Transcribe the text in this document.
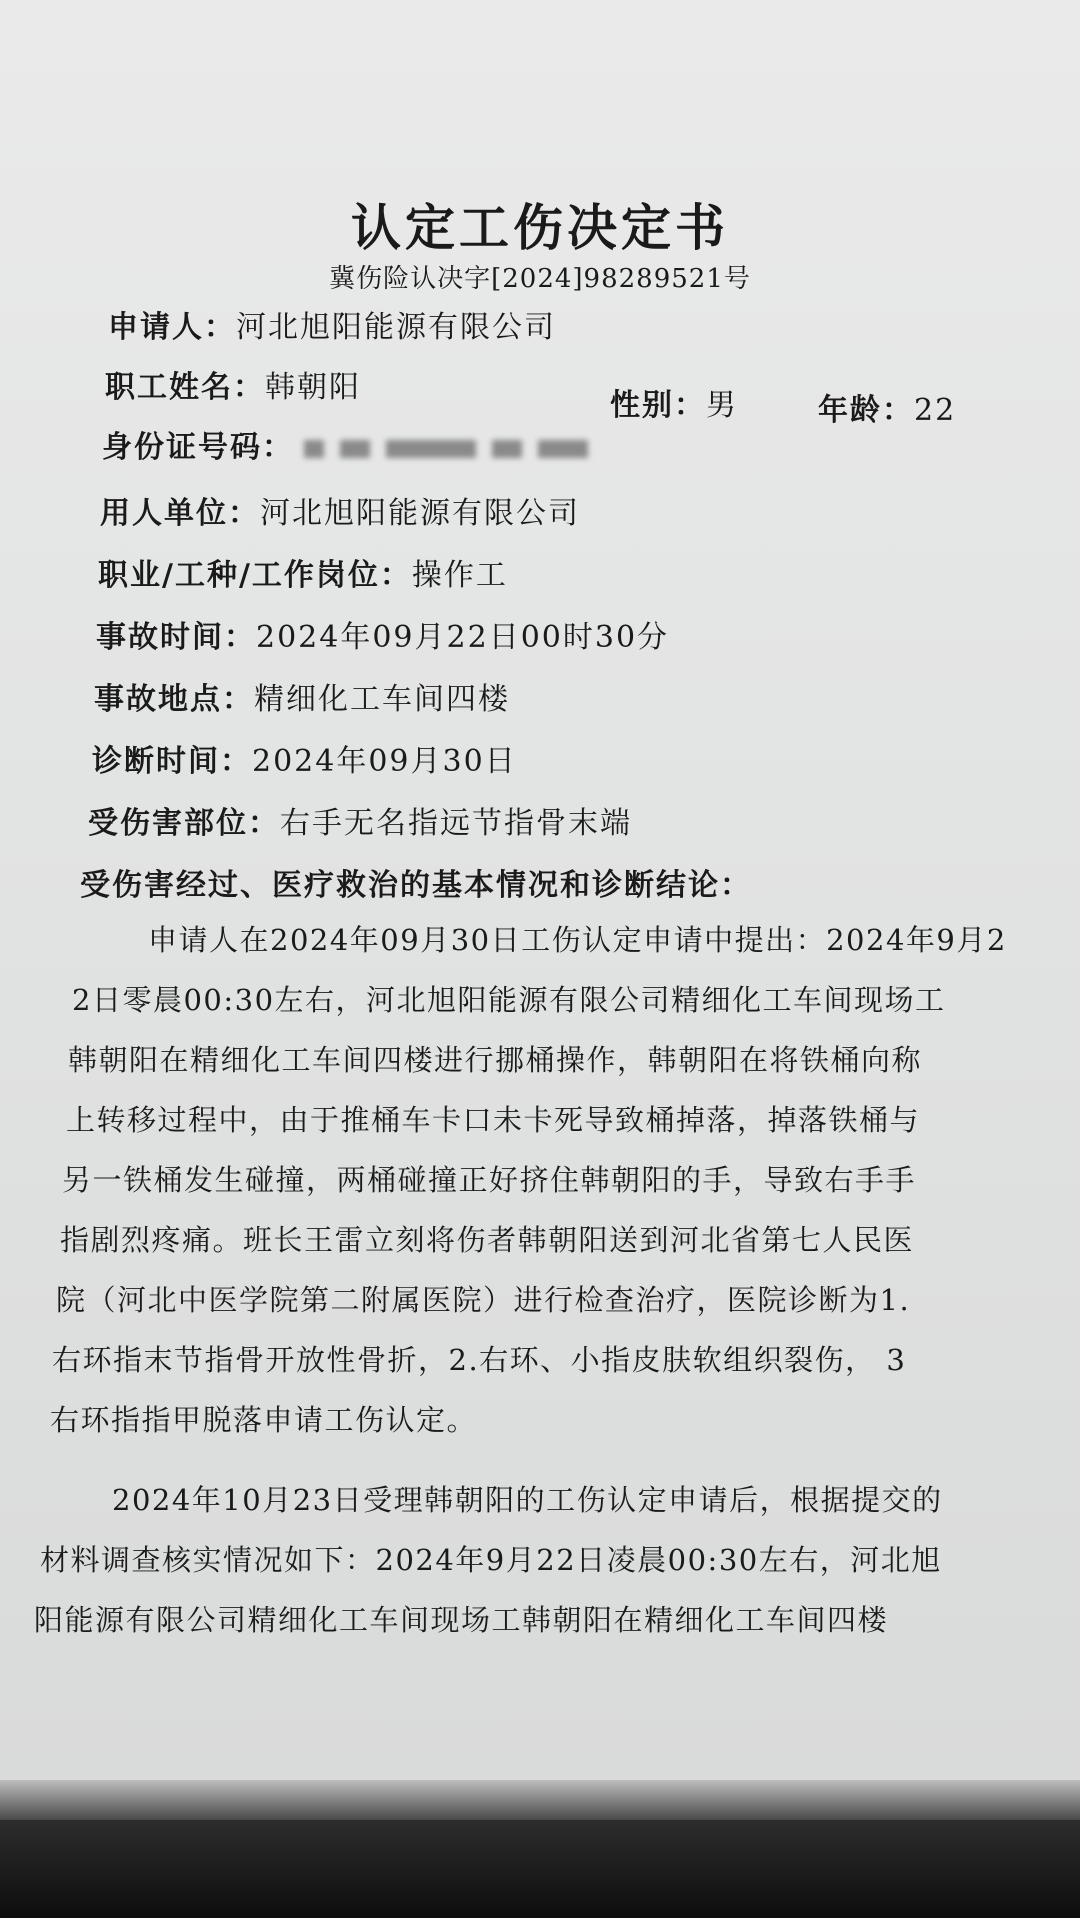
认定工伤决定书
冀伤险认决字[2024]98289521号
申请人：河北旭阳能源有限公司
职工姓名：韩朝阳
性别：男	年龄：22
身份证号码：
用人单位：河北旭阳能源有限公司
职业/工种/工作岗位：操作工
事故时间：2024年09月22日00时30分
事故地点：精细化工车间四楼
诊断时间：2024年09月30日
受伤害部位：右手无名指远节指骨末端
受伤害经过、医疗救治的基本情况和诊断结论：
申请人在2024年09月30日工伤认定申请中提出：2024年9月2
2日零晨00:30左右，河北旭阳能源有限公司精细化工车间现场工
韩朝阳在精细化工车间四楼进行挪桶操作，韩朝阳在将铁桶向称
上转移过程中，由于推桶车卡口未卡死导致桶掉落，掉落铁桶与
另一铁桶发生碰撞，两桶碰撞正好挤住韩朝阳的手，导致右手手
指剧烈疼痛。班长王雷立刻将伤者韩朝阳送到河北省第七人民医
院（河北中医学院第二附属医院）进行检查治疗，医院诊断为1.
右环指末节指骨开放性骨折，2.右环、小指皮肤软组织裂伤， 3
右环指指甲脱落申请工伤认定。
2024年10月23日受理韩朝阳的工伤认定申请后，根据提交的
材料调查核实情况如下：2024年9月22日凌晨00:30左右，河北旭
阳能源有限公司精细化工车间现场工韩朝阳在精细化工车间四楼
